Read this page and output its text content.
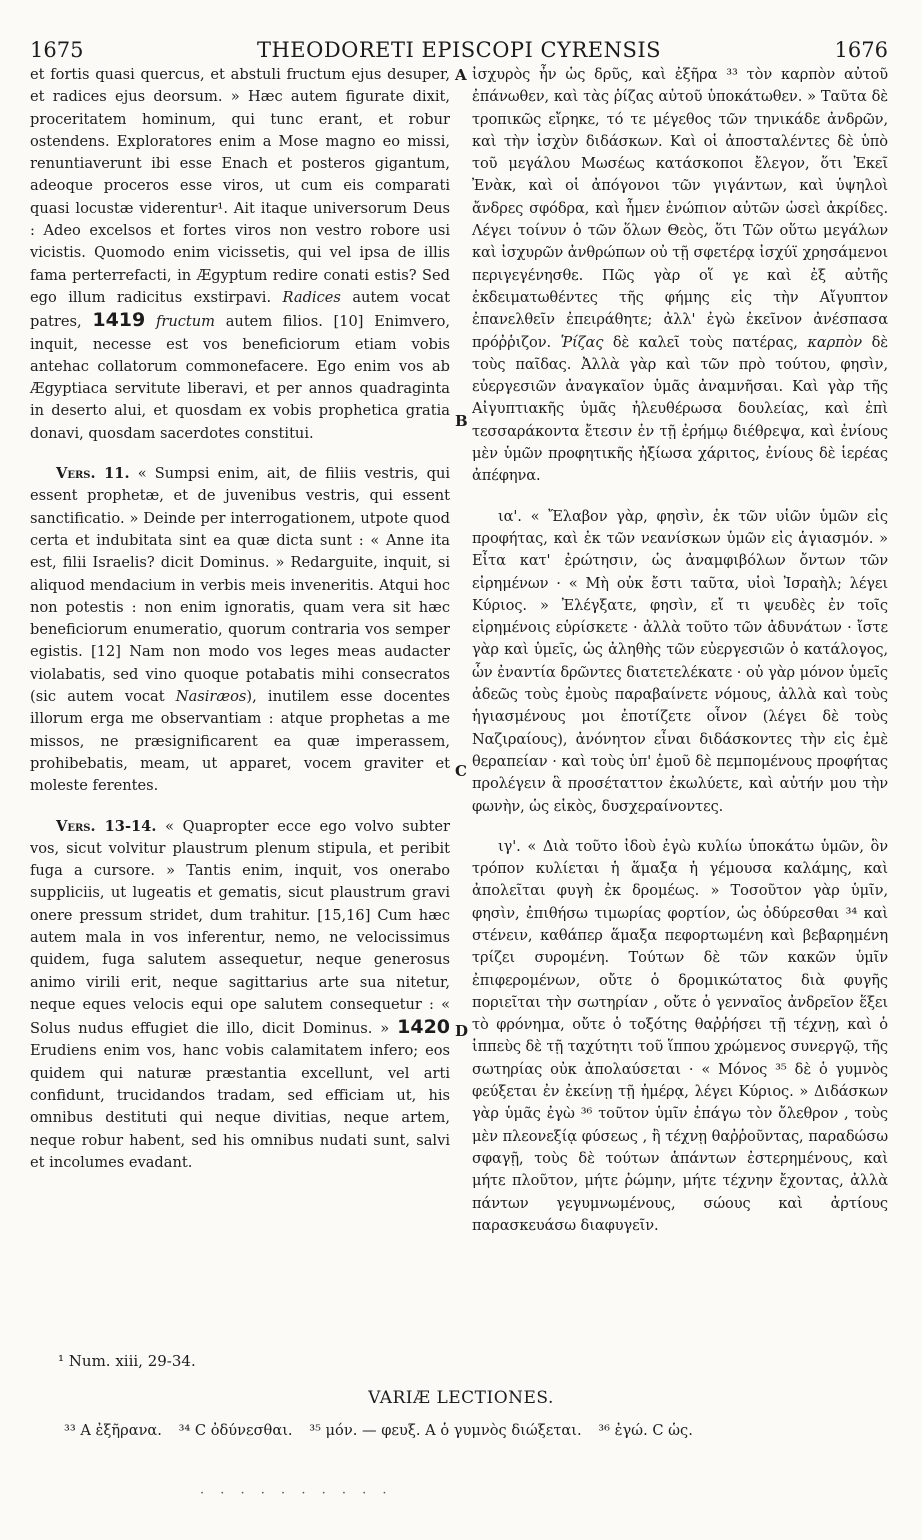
1675	THEODORETI EPISCOPI CYRENSIS	1676

et fortis quasi quercus, et abstuli fructum ejus desuper, et radices ejus deorsum. » Hæc autem figurate dixit, proceritatem hominum, qui tunc erant, et robur ostendens. Exploratores enim a Mose magno eo missi, renuntiaverunt ibi esse Enach et posteros gigantum, adeoque proceros esse viros, ut cum eis comparati quasi locustæ viderentur¹. Ait itaque universorum Deus : Adeo excelsos et fortes viros non vestro robore usi vicistis. Quomodo enim vicissetis, qui vel ipsa de illis fama perterrefacti, in Ægyptum redire conati estis? Sed ego illum radicitus exstirpavi. Radices autem vocat patres, 1419 fructum autem filios. [10] Enimvero, inquit, necesse est vos beneficiorum etiam vobis antehac collatorum commonefacere. Ego enim vos ab Ægyptiaca servitute liberavi, et per annos quadraginta in deserto alui, et quosdam ex vobis prophetica gratia donavi, quosdam sacerdotes constitui.

Vers. 11. « Sumpsi enim, ait, de filiis vestris, qui essent prophetæ, et de juvenibus vestris, qui essent sanctificatio. » Deinde per interrogationem, utpote quod certa et indubitata sint ea quæ dicta sunt : « Anne ita est, filii Israelis? dicit Dominus. » Redarguite, inquit, si aliquod mendacium in verbis meis inveneritis. Atqui hoc non potestis : non enim ignoratis, quam vera sit hæc beneficiorum enumeratio, quorum contraria vos semper egistis. [12] Nam non modo vos leges meas audacter violabatis, sed vino quoque potabatis mihi consecratos (sic autem vocat Nasiræos), inutilem esse docentes illorum erga me observantiam : atque prophetas a me missos, ne præsignificarent ea quæ imperassem, prohibebatis, meam, ut apparet, vocem graviter et moleste ferentes.

Vers. 13-14. « Quapropter ecce ego volvo subter vos, sicut volvitur plaustrum plenum stipula, et peribit fuga a cursore. » Tantis enim, inquit, vos onerabo suppliciis, ut lugeatis et gematis, sicut plaustrum gravi onere pressum stridet, dum trahitur. [15,16] Cum hæc autem mala in vos inferentur, nemo, ne velocissimus quidem, fuga salutem assequetur, neque generosus animo virili erit, neque sagittarius arte sua nitetur, neque eques velocis equi ope salutem consequetur : « Solus nudus effugiet die illo, dicit Dominus. » 1420 Erudiens enim vos, hanc vobis calamitatem infero; eos quidem qui naturæ præstantia excellunt, vel arti confidunt, trucidandos tradam, sed efficiam ut, his omnibus destituti qui neque divitias, neque artem, neque robur habent, sed his omnibus nudati sunt, salvi et incolumes evadant.

ἰσχυρὸς ἦν ὡς δρῦς, καὶ ἐξῆρα ³³ τὸν καρπὸν αὐτοῦ ἐπάνωθεν, καὶ τὰς ῥίζας αὐτοῦ ὑποκάτωθεν. » Ταῦτα δὲ τροπικῶς εἴρηκε, τό τε μέγεθος τῶν τηνικάδε ἀνδρῶν, καὶ τὴν ἰσχὺν διδάσκων. Καὶ οἱ ἀποσταλέντες δὲ ὑπὸ τοῦ μεγάλου Μωσέως κατάσκοποι ἔλεγον, ὅτι Ἐκεῖ Ἐνὰκ, καὶ οἱ ἀπόγονοι τῶν γιγάντων, καὶ ὑψηλοὶ ἄνδρες σφόδρα, καὶ ἦμεν ἐνώπιον αὐτῶν ὡσεὶ ἀκρίδες. Λέγει τοίνυν ὁ τῶν ὅλων Θεὸς, ὅτι Τῶν οὕτω μεγάλων καὶ ἰσχυρῶν ἀνθρώπων οὐ τῇ σφετέρᾳ ἰσχύϊ χρησάμενοι περιγεγένησθε. Πῶς γὰρ οἵ γε καὶ ἐξ αὐτῆς ἐκδειματωθέντες τῆς φήμης εἰς τὴν Αἴγυπτον ἐπανελθεῖν ἐπειράθητε; ἀλλ' ἐγὼ ἐκεῖνον ἀνέσπασα πρόῤῥιζον. Ῥίζας δὲ καλεῖ τοὺς πατέρας, καρπὸν δὲ τοὺς παῖδας. Ἀλλὰ γὰρ καὶ τῶν πρὸ τούτου, φησὶν, εὐεργεσιῶν ἀναγκαῖον ὑμᾶς ἀναμνῆσαι. Καὶ γὰρ τῆς Αἰγυπτιακῆς ὑμᾶς ἠλευθέρωσα δουλείας, καὶ ἐπὶ τεσσαράκοντα ἔτεσιν ἐν τῇ ἐρήμῳ διέθρεψα, καὶ ἐνίους μὲν ὑμῶν προφητικῆς ἠξίωσα χάριτος, ἐνίους δὲ ἱερέας ἀπέφηνα.

ια'. « Ἔλαβον γὰρ, φησὶν, ἐκ τῶν υἱῶν ὑμῶν εἰς προφήτας, καὶ ἐκ τῶν νεανίσκων ὑμῶν εἰς ἁγιασμόν. » Εἶτα κατ' ἐρώτησιν, ὡς ἀναμφιβόλων ὄντων τῶν εἰρημένων · « Μὴ οὐκ ἔστι ταῦτα, υἱοὶ Ἰσραὴλ; λέγει Κύριος. » Ἐλέγξατε, φησὶν, εἴ τι ψευδὲς ἐν τοῖς εἰρημένοις εὑρίσκετε · ἀλλὰ τοῦτο τῶν ἀδυνάτων · ἴστε γὰρ καὶ ὑμεῖς, ὡς ἀληθὴς τῶν εὐεργεσιῶν ὁ κατάλογος, ὧν ἐναντία δρῶντες διατετελέκατε · οὐ γὰρ μόνον ὑμεῖς ἀδεῶς τοὺς ἐμοὺς παραβαίνετε νόμους, ἀλλὰ καὶ τοὺς ἡγιασμένους μοι ἐποτίζετε οἶνον (λέγει δὲ τοὺς Ναζιραίους), ἀνόνητον εἶναι διδάσκοντες τὴν εἰς ἐμὲ θεραπείαν · καὶ τοὺς ὑπ' ἐμοῦ δὲ πεμπομένους προφήτας προλέγειν ἃ προσέταττον ἐκωλύετε, καὶ αὐτήν μου τὴν φωνὴν, ὡς εἰκὸς, δυσχεραίνοντες.

ιγ'. « Διὰ τοῦτο ἰδοὺ ἐγὼ κυλίω ὑποκάτω ὑμῶν, ὃν τρόπον κυλίεται ἡ ἅμαξα ἡ γέμουσα καλάμης, καὶ ἀπολεῖται φυγὴ ἐκ δρομέως. » Τοσοῦτον γὰρ ὑμῖν, φησὶν, ἐπιθήσω τιμωρίας φορτίον, ὡς ὀδύρεσθαι ³⁴ καὶ στένειν, καθάπερ ἅμαξα πεφορτωμένη καὶ βεβαρημένη τρίζει συρομένη. Τούτων δὲ τῶν κακῶν ὑμῖν ἐπιφερομένων, οὔτε ὁ δρομικώτατος διὰ φυγῆς ποριεῖται τὴν σωτηρίαν , οὔτε ὁ γενναῖος ἀνδρεῖον ἕξει τὸ φρόνημα, οὔτε ὁ τοξότης θαῤῥήσει τῇ τέχνῃ, καὶ ὁ ἱππεὺς δὲ τῇ ταχύτητι τοῦ ἵππου χρώμενος συνεργῷ, τῆς σωτηρίας οὐκ ἀπολαύσεται · « Μόνος ³⁵ δὲ ὁ γυμνὸς φεύξεται ἐν ἐκείνῃ τῇ ἡμέρᾳ, λέγει Κύριος. » Διδάσκων γὰρ ὑμᾶς ἐγὼ ³⁶ τοῦτον ὑμῖν ἐπάγω τὸν ὄλεθρον , τοὺς μὲν πλεονεξίᾳ φύσεως , ἢ τέχνῃ θαῤῥοῦντας, παραδώσω σφαγῇ, τοὺς δὲ τούτων ἁπάντων ἐστερημένους, καὶ μήτε πλοῦτον, μήτε ῥώμην, μήτε τέχνην ἔχοντας, ἀλλὰ πάντων γεγυμνωμένους, σώους καὶ ἀρτίους παρασκευάσω διαφυγεῖν.

A
B
C
D
¹ Num. xiii, 29-34.
VARIÆ LECTIONES.
³³ A ἐξῆρανα. ³⁴ C ὀδύνεσθαι. ³⁵ μόν. — φευξ. A ὁ γυμνὸς διώξεται. ³⁶ ἐγώ. C ὡς.
· · · · · · · · · ·
